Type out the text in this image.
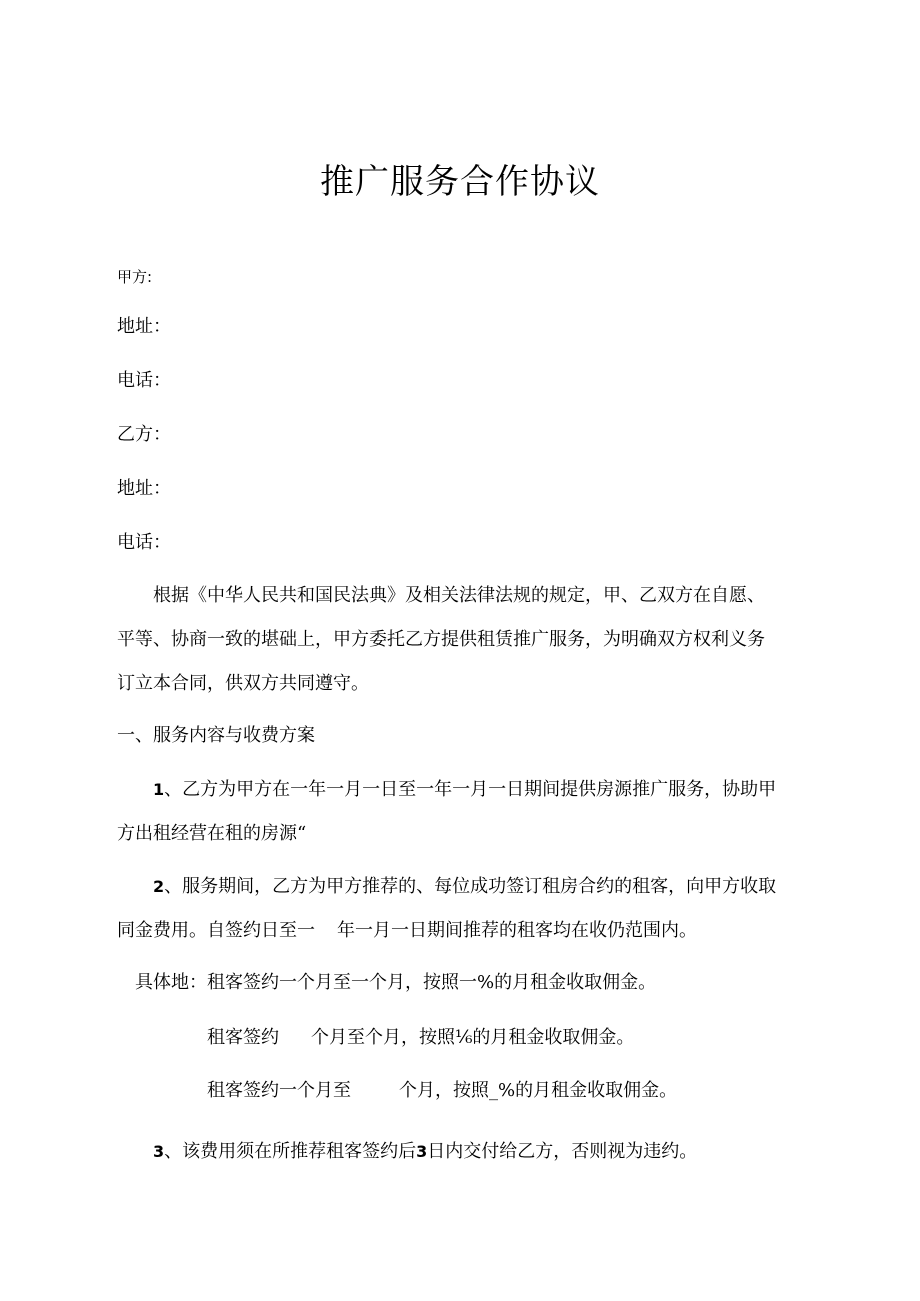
推广服务合作协议
甲方:
地址：
电话：
乙方：
地址：
电话：
根据《中华人民共和国民法典》及相关法律法规的规定，甲、乙双方在自愿、
平等、协商一致的堪础上，甲方委托乙方提供租赁推广服务，为明确双方权利义务
订立本合同，供双方共同遵守。
一、服务内容与收费方案
1、乙方为甲方在一年一月一日至一年一月一日期间提供房源推广服务，协助甲
方出租经营在租的房源“
2、服务期间，乙方为甲方推荐的、每位成功签订租房合约的租客，向甲方收取
同金费用。自签约日至一 年一月一日期间推荐的租客均在收仍范围内。
具体地：租客签约一个月至一个月，按照一%的月租金收取佣金。
租客签约 个月至个月，按照¹⁄₆的月租金收取佣金。
租客签约一个月至	个月，按照_%的月租金收取佣金。
3、该费用须在所推荐租客签约后3日内交付给乙方，否则视为违约。
